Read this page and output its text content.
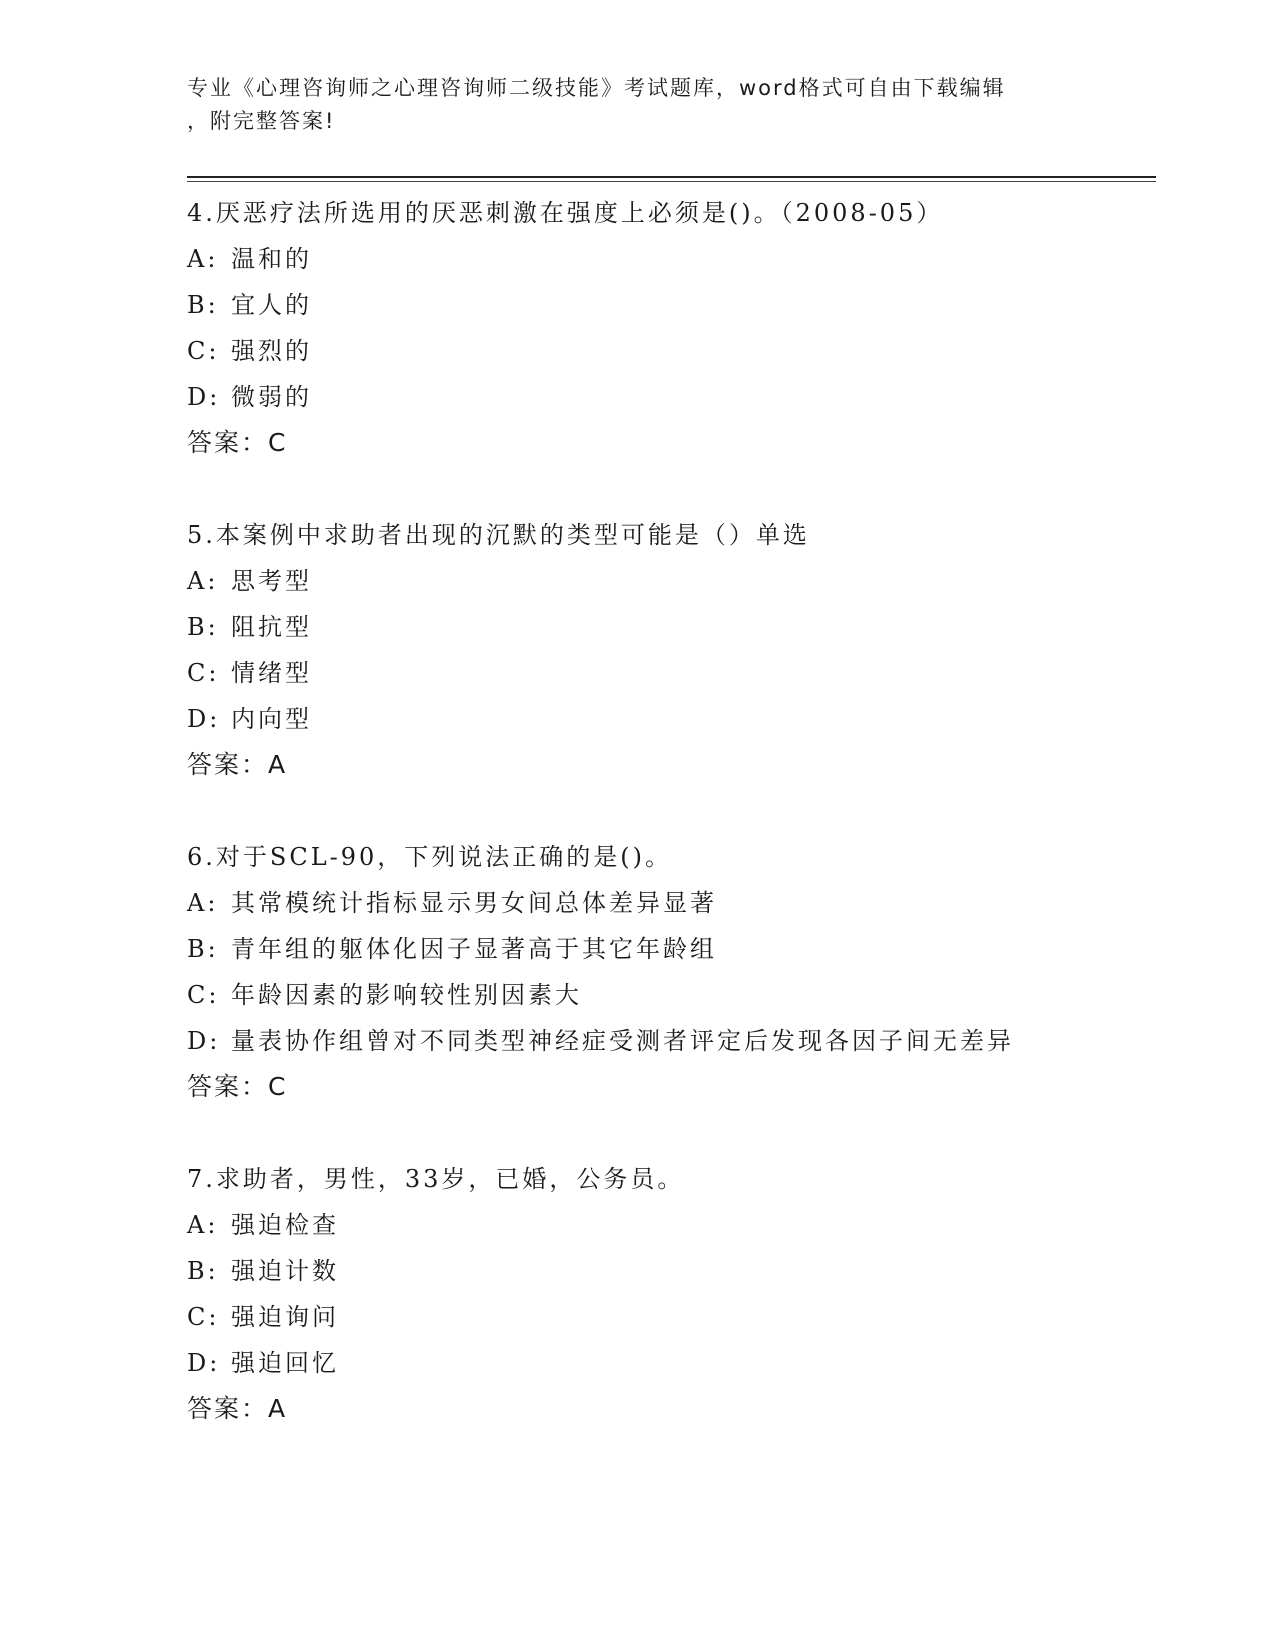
专业《心理咨询师之心理咨询师二级技能》考试题库，word格式可自由下载编辑
，附完整答案!
4.厌恶疗法所选用的厌恶刺激在强度上必须是()。（2008-05）
A: 温和的
B: 宜人的
C: 强烈的
D: 微弱的
答案：C
5.本案例中求助者出现的沉默的类型可能是（）单选
A: 思考型
B: 阻抗型
C: 情绪型
D: 内向型
答案：A
6.对于SCL-90，下列说法正确的是()。
A: 其常模统计指标显示男女间总体差异显著
B: 青年组的躯体化因子显著高于其它年龄组
C: 年龄因素的影响较性别因素大
D: 量表协作组曾对不同类型神经症受测者评定后发现各因子间无差异
答案：C
7.求助者，男性，33岁，已婚，公务员。
A: 强迫检查
B: 强迫计数
C: 强迫询问
D: 强迫回忆
答案：A
